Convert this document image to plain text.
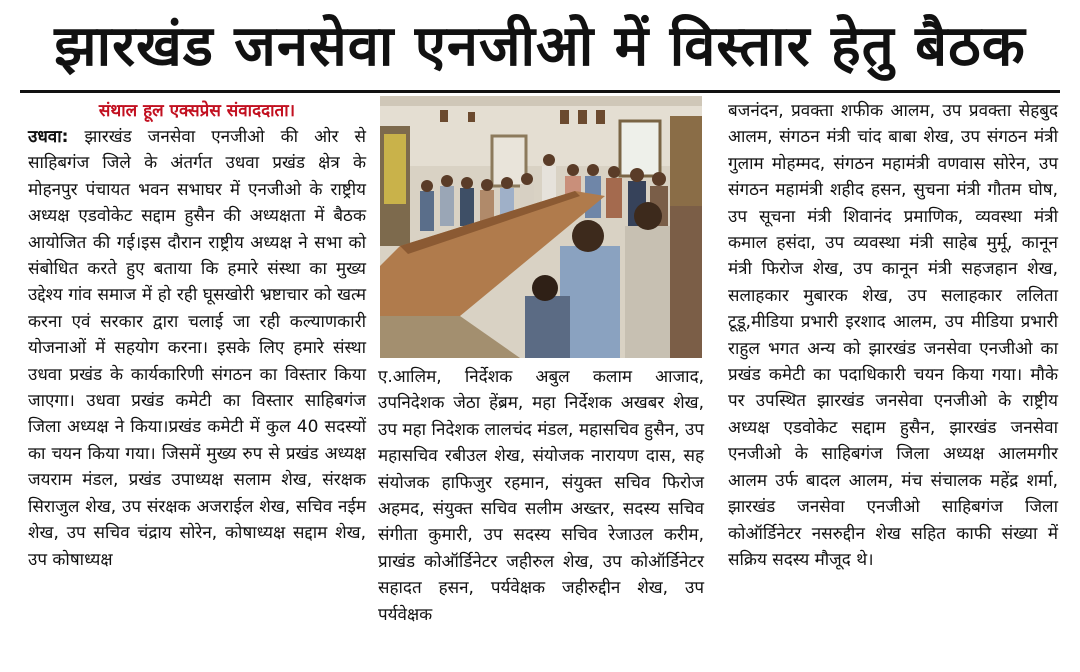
झारखंड जनसेवा एनजीओ में विस्तार हेतु बैठक
संथाल हूल एक्सप्रेस संवाददाता।
उधवा: झारखंड जनसेवा एनजीओ की ओर से साहिबगंज जिले के अंतर्गत उधवा प्रखंड क्षेत्र के मोहनपुर पंचायत भवन सभाघर में एनजीओ के राष्ट्रीय अध्यक्ष एडवोकेट सद्दाम हुसैन की अध्यक्षता में बैठक आयोजित की गई।इस दौरान राष्ट्रीय अध्यक्ष ने सभा को संबोधित करते हुए बताया कि हमारे संस्था का मुख्य उद्देश्य गांव समाज में हो रही घूसखोरी भ्रष्टाचार को खत्म करना एवं सरकार द्वारा चलाई जा रही कल्याणकारी योजनाओं में सहयोग करना। इसके लिए हमारे संस्था उधवा प्रखंड के कार्यकारिणी संगठन का विस्तार किया जाएगा। उधवा प्रखंड कमेटी का विस्तार साहिबगंज जिला अध्यक्ष ने किया।प्रखंड कमेटी में कुल 40 सदस्यों का चयन किया गया। जिसमें मुख्य रुप से प्रखंड अध्यक्ष जयराम मंडल, प्रखंड उपाध्यक्ष सलाम शेख, संरक्षक सिराजुल शेख, उप संरक्षक अजराईल शेख, सचिव नईम शेख, उप सचिव चंद्राय सोरेन, कोषाध्यक्ष सद्दाम शेख, उप कोषाध्यक्ष
ए.आलिम, निर्देशक अबुल कलाम आजाद, उपनिदेशक जेठा हेंब्रम, महा निर्देशक अखबर शेख, उप महा निदेशक लालचंद मंडल, महासचिव हुसैन, उप महासचिव रबीउल शेख, संयोजक नारायण दास, सह संयोजक हाफिजुर रहमान, संयुक्त सचिव फिरोज अहमद, संयुक्त सचिव सलीम अख्तर, सदस्य सचिव संगीता कुमारी, उप सदस्य सचिव रेजाउल करीम, प्राखंड कोऑर्डिनेटर जहीरुल शेख, उप कोऑर्डिनेटर सहादत हसन, पर्यवेक्षक जहीरुद्दीन शेख, उप पर्यवेक्षक
बजनंदन, प्रवक्ता शफीक आलम, उप प्रवक्ता सेहबुद आलम, संगठन मंत्री चांद बाबा शेख, उप संगठन मंत्री गुलाम मोहम्मद, संगठन महामंत्री वणवास सोरेन, उप संगठन महामंत्री शहीद हसन, सुचना मंत्री गौतम घोष, उप सूचना मंत्री शिवानंद प्रमाणिक, व्यवस्था मंत्री कमाल हसंदा, उप व्यवस्था मंत्री साहेब मुर्मू, कानून मंत्री फिरोज शेख, उप कानून मंत्री सहजहान शेख, सलाहकार मुबारक शेख, उप सलाहकार ललिता टूडू,मीडिया प्रभारी इरशाद आलम, उप मीडिया प्रभारी राहुल भगत अन्य को झारखंड जनसेवा एनजीओ का प्रखंड कमेटी का पदाधिकारी चयन किया गया। मौके पर उपस्थित झारखंड जनसेवा एनजीओ के राष्ट्रीय अध्यक्ष एडवोकेट सद्दाम हुसैन, झारखंड जनसेवा एनजीओ के साहिबगंज जिला अध्यक्ष आलमगीर आलम उर्फ बादल आलम, मंच संचालक महेंद्र शर्मा, झारखंड जनसेवा एनजीओ साहिबगंज जिला कोऑर्डिनेटर नसरुद्दीन शेख सहित काफी संख्या में सक्रिय सदस्य मौजूद थे।
